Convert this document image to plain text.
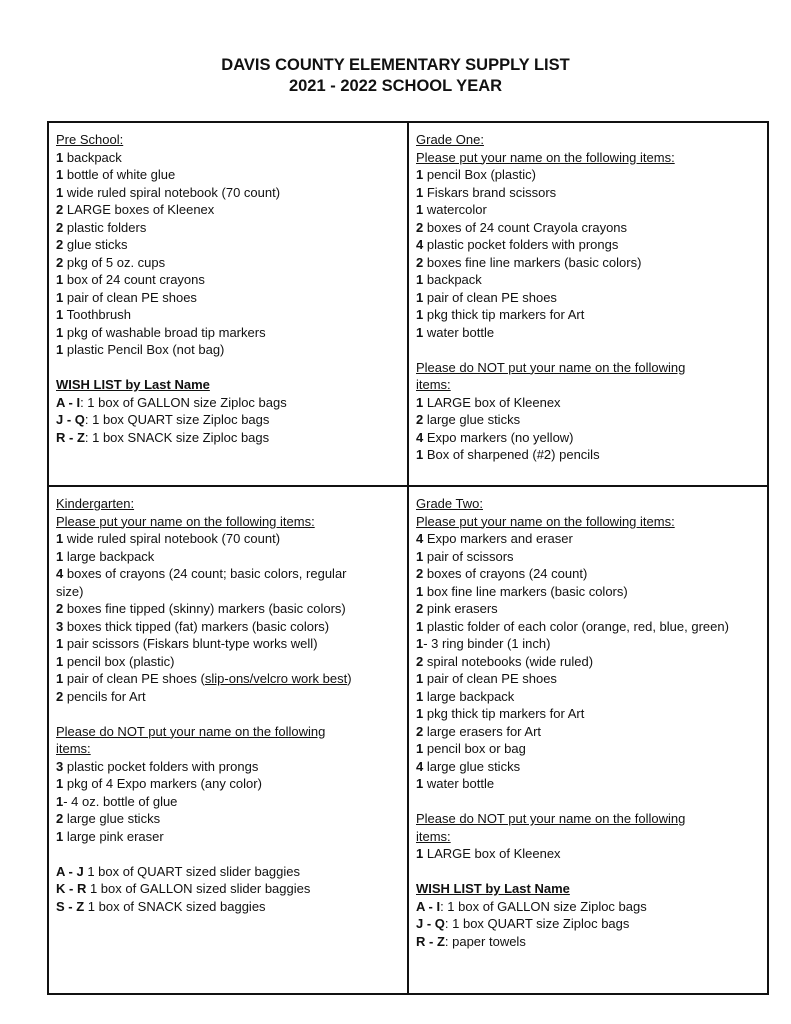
DAVIS COUNTY ELEMENTARY SUPPLY LIST
2021 - 2022 SCHOOL YEAR
Pre School:
1 backpack
1 bottle of white glue
1 wide ruled spiral notebook (70 count)
2 LARGE boxes of Kleenex
2 plastic folders
2 glue sticks
2 pkg of 5 oz. cups
1 box of 24 count crayons
1 pair of clean PE shoes
1 Toothbrush
1 pkg of washable broad tip markers
1 plastic Pencil Box (not bag)
WISH LIST by Last Name
A - I: 1 box of GALLON size Ziploc bags
J - Q: 1 box QUART size Ziploc bags
R - Z: 1 box SNACK size Ziploc bags
Grade One:
Please put your name on the following items:
1 pencil Box (plastic)
1 Fiskars brand scissors
1 watercolor
2 boxes of 24 count Crayola crayons
4 plastic pocket folders with prongs
2 boxes fine line markers (basic colors)
1 backpack
1 pair of clean PE shoes
1 pkg thick tip markers for Art
1 water bottle
Please do NOT put your name on the following
items:
1 LARGE box of Kleenex
2 large glue sticks
4 Expo markers (no yellow)
1 Box of sharpened (#2) pencils
Kindergarten:
Please put your name on the following items:
1 wide ruled spiral notebook (70 count)
1 large backpack
4 boxes of crayons (24 count; basic colors, regular
size)
2 boxes fine tipped (skinny) markers (basic colors)
3 boxes thick tipped (fat) markers (basic colors)
1 pair scissors (Fiskars blunt-type works well)
1 pencil box (plastic)
1 pair of clean PE shoes (slip-ons/velcro work best)
2 pencils for Art
Please do NOT put your name on the following
items:
3 plastic pocket folders with prongs
1 pkg of 4 Expo markers (any color)
1- 4 oz. bottle of glue
2 large glue sticks
1 large pink eraser
A - J 1 box of QUART sized slider baggies
K - R 1 box of GALLON sized slider baggies
S - Z 1 box of SNACK sized baggies
Grade Two:
Please put your name on the following items:
4 Expo markers and eraser
1 pair of scissors
2 boxes of crayons (24 count)
1 box fine line markers (basic colors)
2 pink erasers
1 plastic folder of each color (orange, red, blue, green)
1- 3 ring binder (1 inch)
2 spiral notebooks (wide ruled)
1 pair of clean PE shoes
1 large backpack
1 pkg thick tip markers for Art
2 large erasers for Art
1 pencil box or bag
4 large glue sticks
1 water bottle
Please do NOT put your name on the following
items:
1 LARGE box of Kleenex
WISH LIST by Last Name
A - I: 1 box of GALLON size Ziploc bags
J - Q: 1 box QUART size Ziploc bags
R - Z: paper towels
